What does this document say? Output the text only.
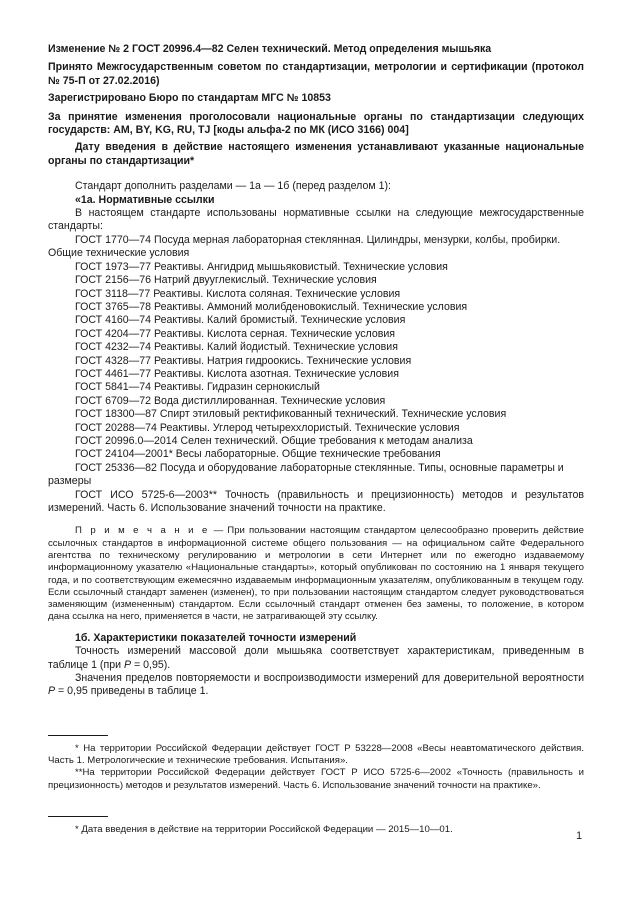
Изменение № 2 ГОСТ 20996.4—82 Селен технический. Метод определения мышьяка

Принято Межгосударственным советом по стандартизации, метрологии и сертификации (протокол № 75-П от 27.02.2016)

Зарегистрировано Бюро по стандартам МГС № 10853

За принятие изменения проголосовали национальные органы по стандартизации следующих государств: AM, BY, KG, RU, TJ [коды альфа-2 по МК (ИСО 3166) 004]

Дату введения в действие настоящего изменения устанавливают указанные национальные органы по стандартизации*

Стандарт дополнить разделами — 1а — 1б (перед разделом 1):

«1а. Нормативные ссылки

В настоящем стандарте использованы нормативные ссылки на следующие межгосударственные стандарты:

ГОСТ 1770—74 Посуда мерная лабораторная стеклянная. Цилиндры, мензурки, колбы, пробирки. Общие технические условия

ГОСТ 1973—77 Реактивы. Ангидрид мышьяковистый. Технические условия

ГОСТ 2156—76 Натрий двууглекислый. Технические условия

ГОСТ 3118—77 Реактивы. Кислота соляная. Технические условия

ГОСТ 3765—78 Реактивы. Аммоний молибденовокислый. Технические условия

ГОСТ 4160—74 Реактивы. Калий бромистый. Технические условия

ГОСТ 4204—77 Реактивы. Кислота серная. Технические условия

ГОСТ 4232—74 Реактивы. Калий йодистый. Технические условия

ГОСТ 4328—77 Реактивы. Натрия гидроокись. Технические условия

ГОСТ 4461—77 Реактивы. Кислота азотная. Технические условия

ГОСТ 5841—74 Реактивы. Гидразин сернокислый

ГОСТ 6709—72 Вода дистиллированная. Технические условия

ГОСТ 18300—87 Спирт этиловый ректификованный технический. Технические условия

ГОСТ 20288—74 Реактивы. Углерод четыреххлористый. Технические условия

ГОСТ 20996.0—2014 Селен технический. Общие требования к методам анализа

ГОСТ 24104—2001* Весы лабораторные. Общие технические требования

ГОСТ 25336—82 Посуда и оборудование лабораторные стеклянные. Типы, основные параметры и размеры

ГОСТ ИСО 5725-6—2003** Точность (правильность и прецизионность) методов и результатов измерений. Часть 6. Использование значений точности на практике.

П р и м е ч а н и е — При пользовании настоящим стандартом целесообразно проверить действие ссылочных стандартов в информационной системе общего пользования — на официальном сайте Федерального агентства по техническому регулированию и метрологии в сети Интернет или по ежегодно издаваемому информационному указателю «Национальные стандарты», который опубликован по состоянию на 1 января текущего года, и по соответствующим ежемесячно издаваемым информационным указателям, опубликованным в текущем году. Если ссылочный стандарт заменен (изменен), то при пользовании настоящим стандартом следует руководствоваться заменяющим (измененным) стандартом. Если ссылочный стандарт отменен без замены, то положение, в котором дана ссылка на него, применяется в части, не затрагивающей эту ссылку.

1б. Характеристики показателей точности измерений

Точность измерений массовой доли мышьяка соответствует характеристикам, приведенным в таблице 1 (при P = 0,95).

Значения пределов повторяемости и воспроизводимости измерений для доверительной вероятности P = 0,95 приведены в таблице 1.

* На территории Российской Федерации действует ГОСТ Р 53228—2008 «Весы неавтоматического действия. Часть 1. Метрологические и технические требования. Испытания».

**На территории Российской Федерации действует ГОСТ Р ИСО 5725-6—2002 «Точность (правильность и прецизионность) методов и результатов измерений. Часть 6. Использование значений точности на практике».

* Дата введения в действие на территории Российской Федерации — 2015—10—01.

1
